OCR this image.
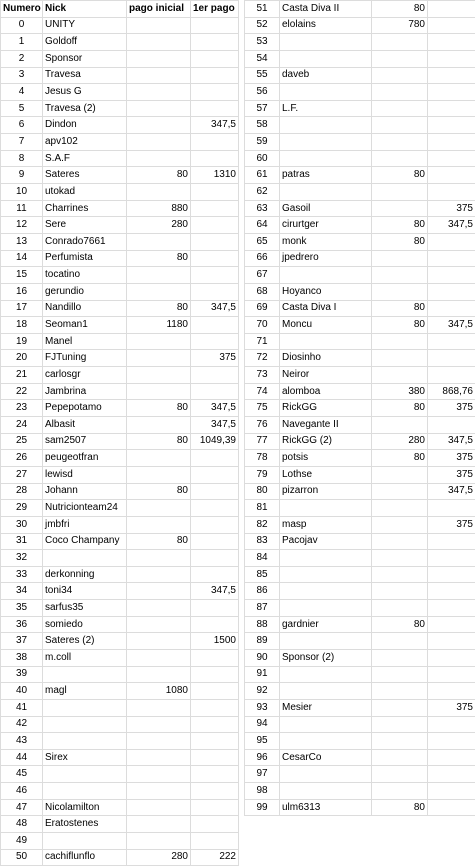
Numero	Nick	pago inicial	1er pago
0	UNITY		
1	Goldoff		
2	Sponsor		
3	Travesa		
4	Jesus G		
5	Travesa (2)		
6	Dindon		347,5
7	apv102		
8	S.A.F		
9	Sateres	80	1310
10	utokad		
11	Charrines	880	
12	Sere	280	
13	Conrado7661		
14	Perfumista	80	
15	tocatino		
16	gerundio		
17	Nandillo	80	347,5
18	Seoman1	1180	
19	Manel		
20	FJTuning		375
21	carlosgr		
22	Jambrina		
23	Pepepotamo	80	347,5
24	Albasit		347,5
25	sam2507	80	1049,39
26	peugeotfran		
27	lewisd		
28	Johann	80	
29	Nutricionteam24		
30	jmbfri		
31	Coco Champany	80	
32			
33	derkonning		
34	toni34		347,5
35	sarfus35		
36	somiedo		
37	Sateres (2)		1500
38	m.coll		
39			
40	magl	1080	
41			
42			
43			
44	Sirex		
45			
46			
47	Nicolamilton		
48	Eratostenes		
49			
50	cachiflunflo	280	222
51	Casta Diva II	80	
52	elolains	780	
53			
54			
55	daveb		
56			
57	L.F.		
58			
59			
60			
61	patras	80	
62			
63	Gasoil		375
64	cirurtger	80	347,5
65	monk	80	
66	jpedrero		
67			
68	Hoyanco		
69	Casta Diva I	80	
70	Moncu	80	347,5
71			
72	Diosinho		
73	Neiror		
74	alomboa	380	868,76
75	RickGG	80	375
76	Navegante II		
77	RickGG (2)	280	347,5
78	potsis	80	375
79	Lothse		375
80	pizarron		347,5
81			
82	masp		375
83	Pacojav		
84			
85			
86			
87			
88	gardnier	80	
89			
90	Sponsor (2)		
91			
92			
93	Mesier		375
94			
95			
96	CesarCo		
97			
98			
99	ulm6313	80	
